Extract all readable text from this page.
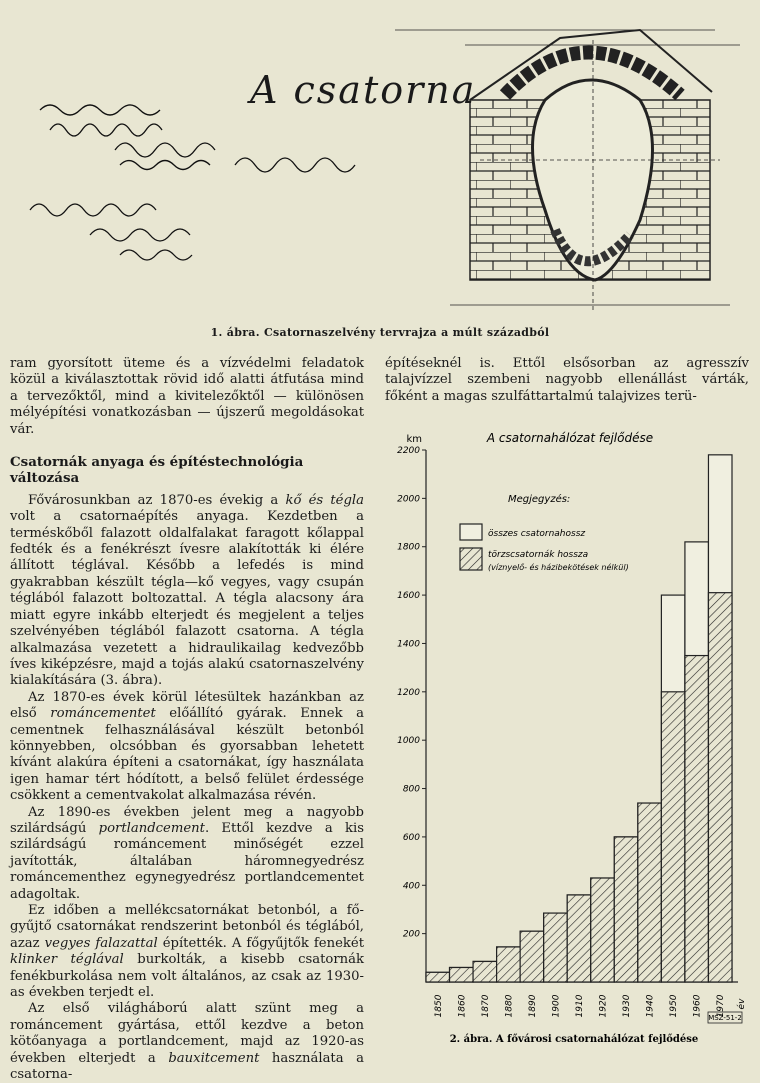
A csatorna
1. ábra. Csatornaszelvény tervrajza a múlt századból

ram gyorsított üteme és a vízvédelmi feladatok közül a kiválasztottak rövid idő alatti átfutása mind a tervezőktől, mind a kivitelezőktől — különösen mélyépítési vonatkozásban — újszerű megoldásokat vár.

Csatornák anyaga és építéstechnológia változása

Fővárosunkban az 1870-es évekig a kő és tégla volt a csatornaépítés anyaga. Kezdetben a terméskőből falazott oldalfalakat faragott kőlappal fedték és a fenékrészt ívesre alakították ki élére állított téglával. Később a lefedés is mind gyakrabban készült tégla—kő vegyes, vagy csupán téglából falazott boltozattal. A tégla alacsony ára miatt egyre inkább elterjedt és megjelent a teljes szelvényében téglából falazott csatorna. A tégla alkalmazása vezetett a hidraulikailag kedvezőbb íves kiképzésre, majd a tojás alakú csatornaszelvény kialakítására (3. ábra).

Az 1870-es évek körül létesültek hazánkban az első románcementet előállító gyárak. Ennek a cementnek felhasználásával készült betonból könnyebben, olcsóbban és gyorsabban lehetett kívánt alakúra építeni a csatornákat, így használata igen hamar tért hódított, a belső felület érdessége csökkent a cementvakolat alkalmazása révén.

Az 1890-es években jelent meg a nagyobb szilárdságú portlandcement. Ettől kezdve a kis szilárdságú románcement minőségét ezzel javították, általában háromnegyedrész románcementhez egynegyedrész portlandcementet adagoltak.

Ez időben a mellékcsatornákat betonból, a fő-gyűjtő csatornákat rendszerint betonból és téglából, azaz vegyes falazattal építették. A főgyűjtők fenekét klinker téglával burkolták, a kisebb csatornák fenékburkolása nem volt általános, az csak az 1930-as években terjedt el.

Az első világháború alatt szünt meg a románcement gyártása, ettől kezdve a beton kötőanyaga a portlandcement, majd az 1920-as években elterjedt a bauxitcement használata a csatorna-

építéseknél is. Ettől elsősorban az agresszív talajvízzel szembeni nagyobb ellenállást várták, főként a magas szulfáttartalmú talajvizes terü-

A csatornahálózat fejlődése
km
2200
2000
1800
1600
1400
1200
1000
800
600
400
200
1850 1860 1870 1880 1890 1900 1910 1920 1930 1940 1950 1960 1970 év
Megjegyzés:
összes csatornahossz
törzscsatornák hossza
(víznyelő- és házibekötések nélkül)
MSZ-51-2
2. ábra. A fővárosi csatornahálózat fejlődése
